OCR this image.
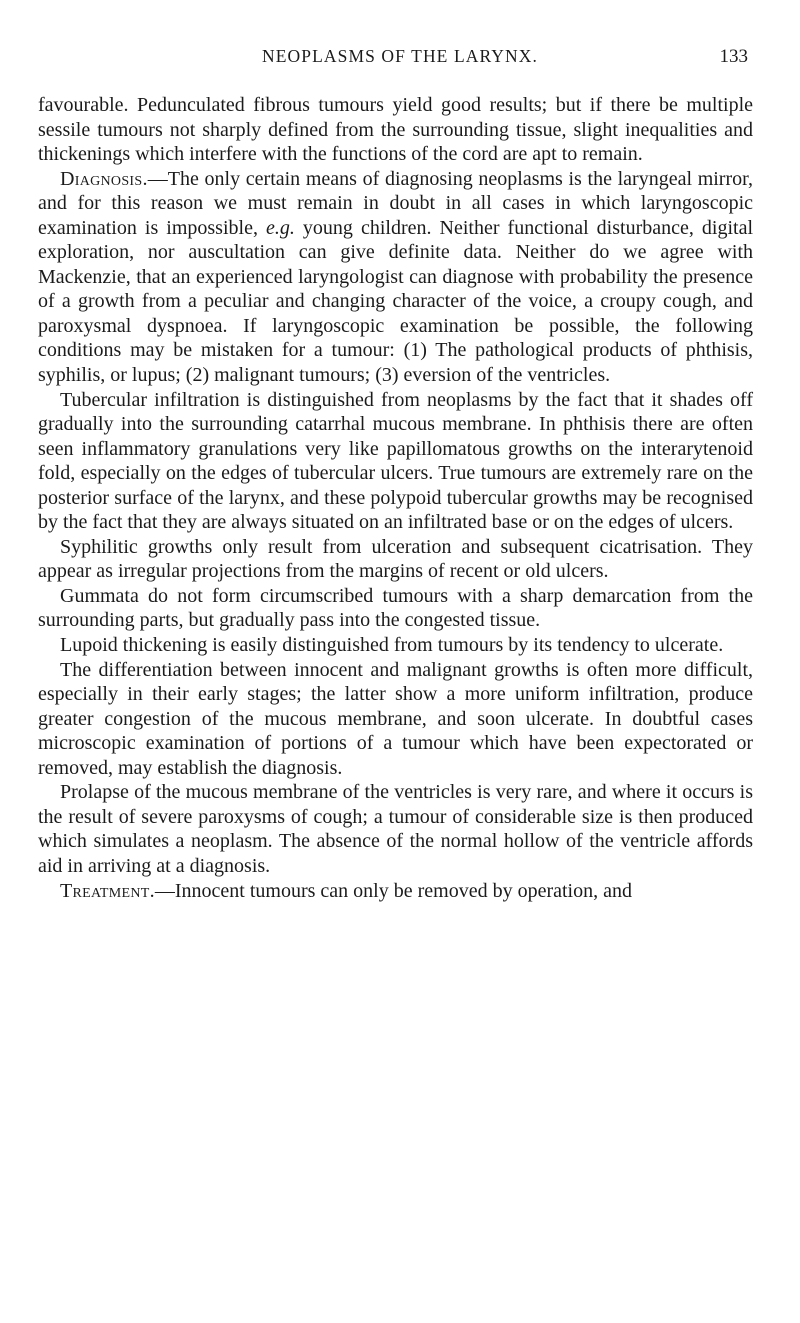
NEOPLASMS OF THE LARYNX.	133

favourable. Pedunculated fibrous tumours yield good results; but if there be multiple sessile tumours not sharply defined from the surrounding tissue, slight inequalities and thickenings which interfere with the functions of the cord are apt to remain.

Diagnosis.—The only certain means of diagnosing neoplasms is the laryngeal mirror, and for this reason we must remain in doubt in all cases in which laryngoscopic examination is impossible, e.g. young children. Neither functional disturbance, digital exploration, nor auscultation can give definite data. Neither do we agree with Mackenzie, that an experienced laryngologist can diagnose with probability the presence of a growth from a peculiar and changing character of the voice, a croupy cough, and paroxysmal dyspnoea. If laryngoscopic examination be possible, the following conditions may be mistaken for a tumour: (1) The pathological products of phthisis, syphilis, or lupus; (2) malignant tumours; (3) eversion of the ventricles.

Tubercular infiltration is distinguished from neoplasms by the fact that it shades off gradually into the surrounding catarrhal mucous membrane. In phthisis there are often seen inflammatory granulations very like papillomatous growths on the interarytenoid fold, especially on the edges of tubercular ulcers. True tumours are extremely rare on the posterior surface of the larynx, and these polypoid tubercular growths may be recognised by the fact that they are always situated on an infiltrated base or on the edges of ulcers.

Syphilitic growths only result from ulceration and subsequent cicatrisation. They appear as irregular projections from the margins of recent or old ulcers.

Gummata do not form circumscribed tumours with a sharp demarcation from the surrounding parts, but gradually pass into the congested tissue.

Lupoid thickening is easily distinguished from tumours by its tendency to ulcerate.

The differentiation between innocent and malignant growths is often more difficult, especially in their early stages; the latter show a more uniform infiltration, produce greater congestion of the mucous membrane, and soon ulcerate. In doubtful cases microscopic examination of portions of a tumour which have been expectorated or removed, may establish the diagnosis.

Prolapse of the mucous membrane of the ventricles is very rare, and where it occurs is the result of severe paroxysms of cough; a tumour of considerable size is then produced which simulates a neoplasm. The absence of the normal hollow of the ventricle affords aid in arriving at a diagnosis.

Treatment.—Innocent tumours can only be removed by operation, and
